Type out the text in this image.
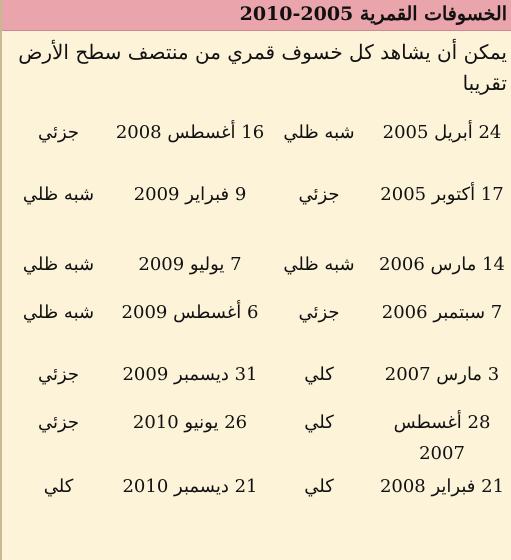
الخسوفات القمرية 2005-2010
يمكن أن يشاهد كل خسوف قمري من منتصف سطح الأرض تقريبا
24 أبريل 2005	شبه ظلي	16 أغسطس 2008	جزئي
17 أكتوبر 2005	جزئي	9 فبراير 2009	شبه ظلي
14 مارس 2006	شبه ظلي	7 يوليو 2009	شبه ظلي
7 سبتمبر 2006	جزئي	6 أغسطس 2009	شبه ظلي
3 مارس 2007	كلي	31 ديسمبر 2009	جزئي
28 أغسطس 2007	كلي	26 يونيو 2010	جزئي
21 فبراير 2008	كلي	21 ديسمبر 2010	كلي
